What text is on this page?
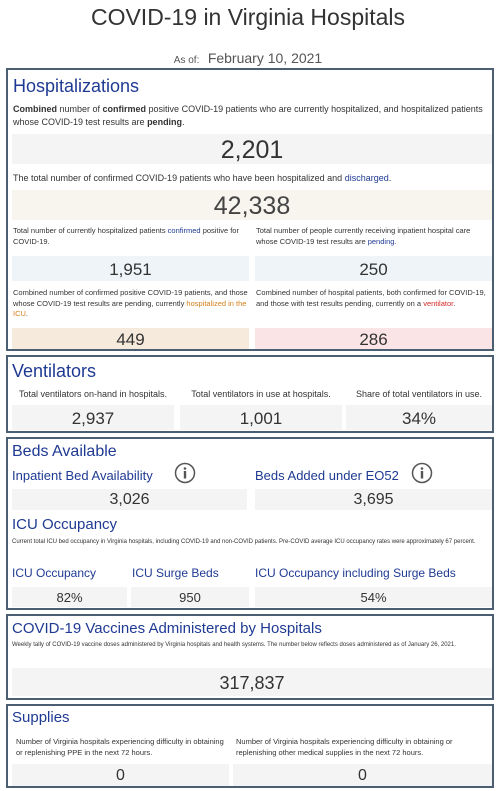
COVID-19 in Virginia Hospitals
As of: February 10, 2021
Hospitalizations
Combined number of confirmed positive COVID-19 patients who are currently hospitalized, and hospitalized patients whose COVID-19 test results are pending.
2,201
The total number of confirmed COVID-19 patients who have been hospitalized and discharged.
42,338
Total number of currently hospitalized patients confirmed positive for COVID-19.
1,951
Total number of people currently receiving inpatient hospital care whose COVID-19 test results are pending.
250
Combined number of confirmed positive COVID-19 patients, and those whose COVID-19 test results are pending, currently hospitalized in the ICU.
449
Combined number of hospital patients, both confirmed for COVID-19, and those with test results pending, currently on a ventilator.
286
Ventilators
Total ventilators on-hand in hospitals.
2,937
Total ventilators in use at hospitals.
1,001
Share of total ventilators in use.
34%
Beds Available
Inpatient Bed Availability
3,026
Beds Added under EO52
3,695
ICU Occupancy
Current total ICU bed occupancy in Virginia hospitals, including COVID-19 and non-COVID patients. Pre-COVID average ICU occupancy rates were approximately 67 percent.
ICU Occupancy
82%
ICU Surge Beds
950
ICU Occupancy including Surge Beds
54%
COVID-19 Vaccines Administered by Hospitals
Weekly tally of COVID-19 vaccine doses administered by Virginia hospitals and health systems. The number below reflects doses administered as of January 26, 2021.
317,837
Supplies
Number of Virginia hospitals experiencing difficulty in obtaining or replenishing PPE in the next 72 hours.
0
Number of Virginia hospitals experiencing difficulty in obtaining or replenishing other medical supplies in the next 72 hours.
0
